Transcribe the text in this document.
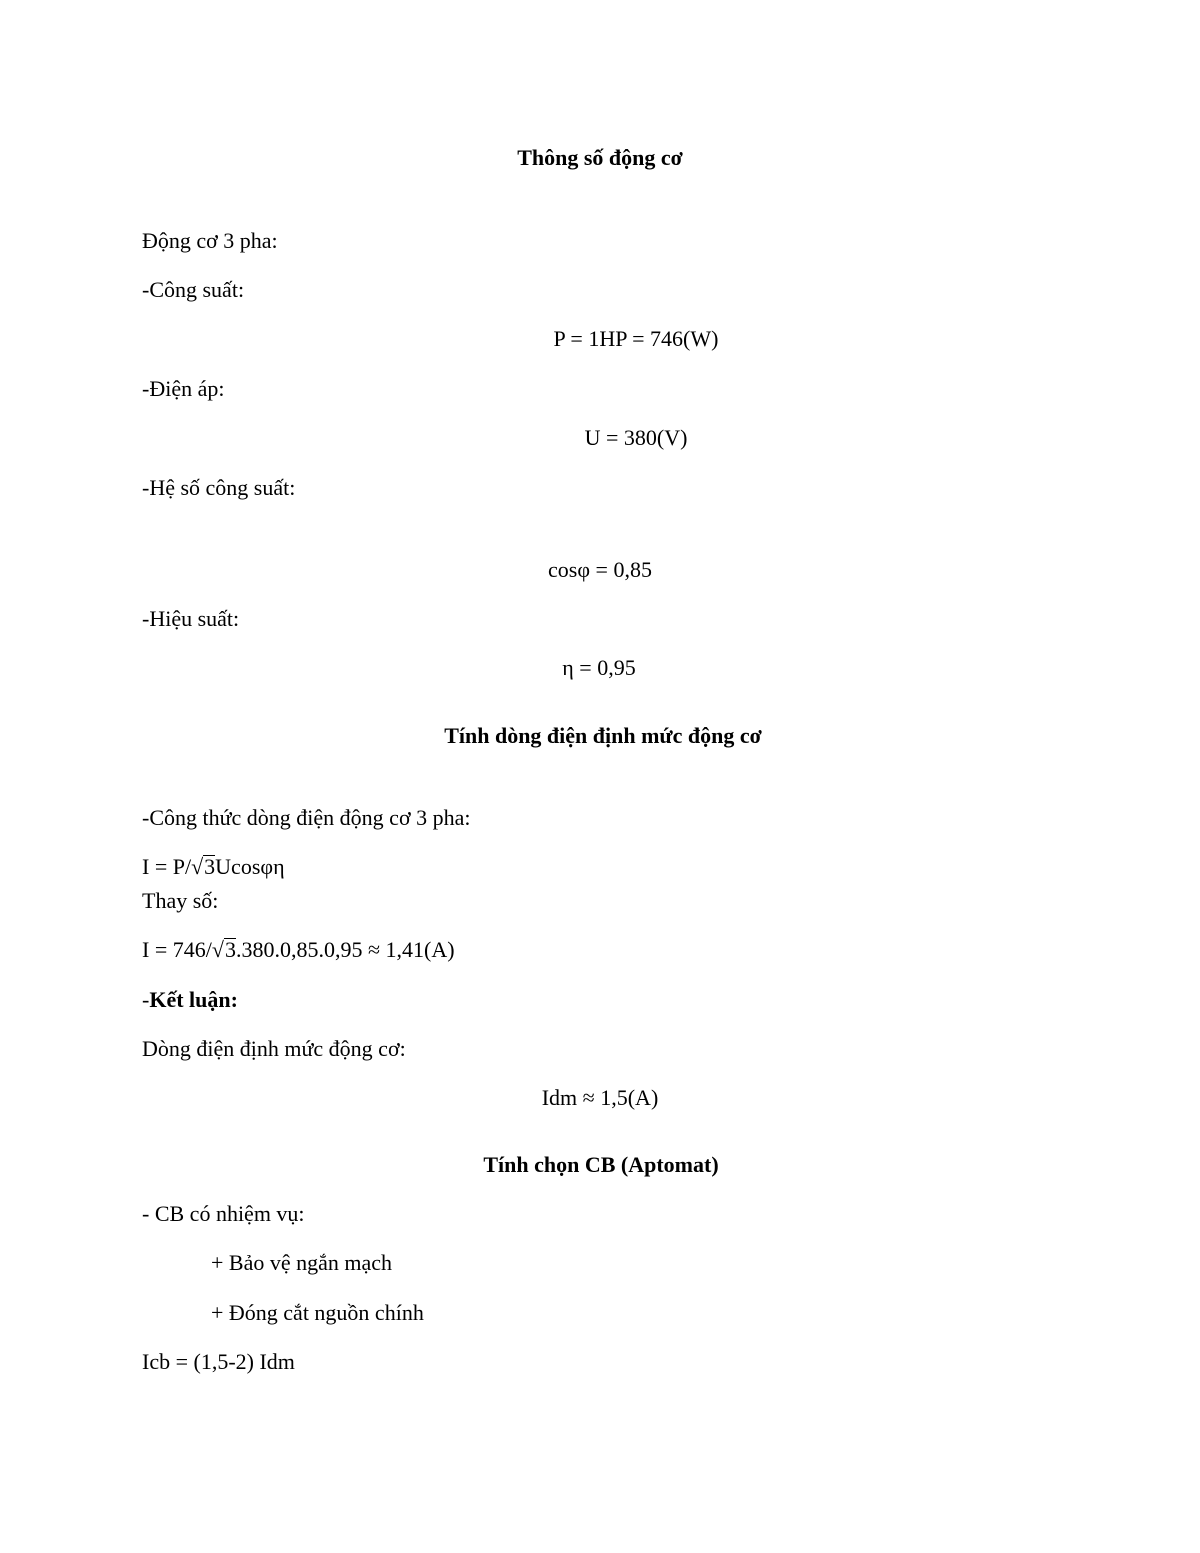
Thông số động cơ
Động cơ 3 pha:
-Công suất:
P = 1HP = 746(W)
-Điện áp:
U = 380(V)
-Hệ số công suất:
cosφ = 0,85
-Hiệu suất:
η = 0,95
Tính dòng điện định mức động cơ
-Công thức dòng điện động cơ 3 pha:
I = P/√3Ucosφη
Thay số:
I = 746/√3.380.0,85.0,95 ≈ 1,41(A)
-Kết luận:
Dòng điện định mức động cơ:
Idm ≈ 1,5(A)
Tính chọn CB (Aptomat)
- CB có nhiệm vụ:
+ Bảo vệ ngắn mạch
+ Đóng cắt nguồn chính
Icb = (1,5-2) Idm
